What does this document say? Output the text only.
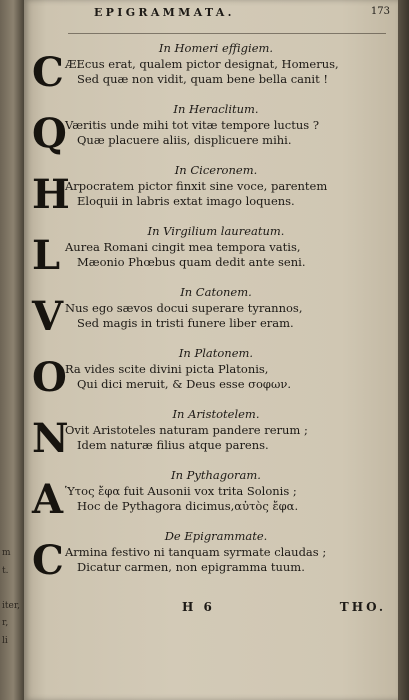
m
t.
iter,
r,
li
EPIGRAMMATA.	173
In Homeri effigiem.
C ÆEcus erat, qualem pictor designat, Homerus,
Sed quæ non vidit, quam bene bella canit !
In Heraclitum.
Q
Væritis unde mihi tot vitæ tempore luctus ?
Quæ placuere aliis, displicuere mihi.
In Ciceronem.
H
Arpocratem pictor finxit sine voce, parentem
Eloquii in labris extat imago loquens.
In Virgilium laureatum.
L Aurea Romani cingit mea tempora vatis,
Mæonio Phœbus quam dedit ante seni.
In Catonem.
V Nus ego sævos docui superare tyrannos,
Sed magis in tristi funere liber eram.
In Platonem.
O
Ra vides scite divini picta Platonis,
Qui dici meruit, & Deus esse σοφων.
In Aristotelem.
N
Ovit Aristoteles naturam pandere rerum ;
Idem naturæ filius atque parens.
In Pythagoram.
A Ὑτος ἔφα fuit Ausonii vox trita Solonis ;
Hoc de Pythagora dicimus,αὐτὸς ἔφα.
De Epigrammate.
C Armina festivo ni tanquam syrmate claudas ;
Dicatur carmen, non epigramma tuum.
H 6	THO.
